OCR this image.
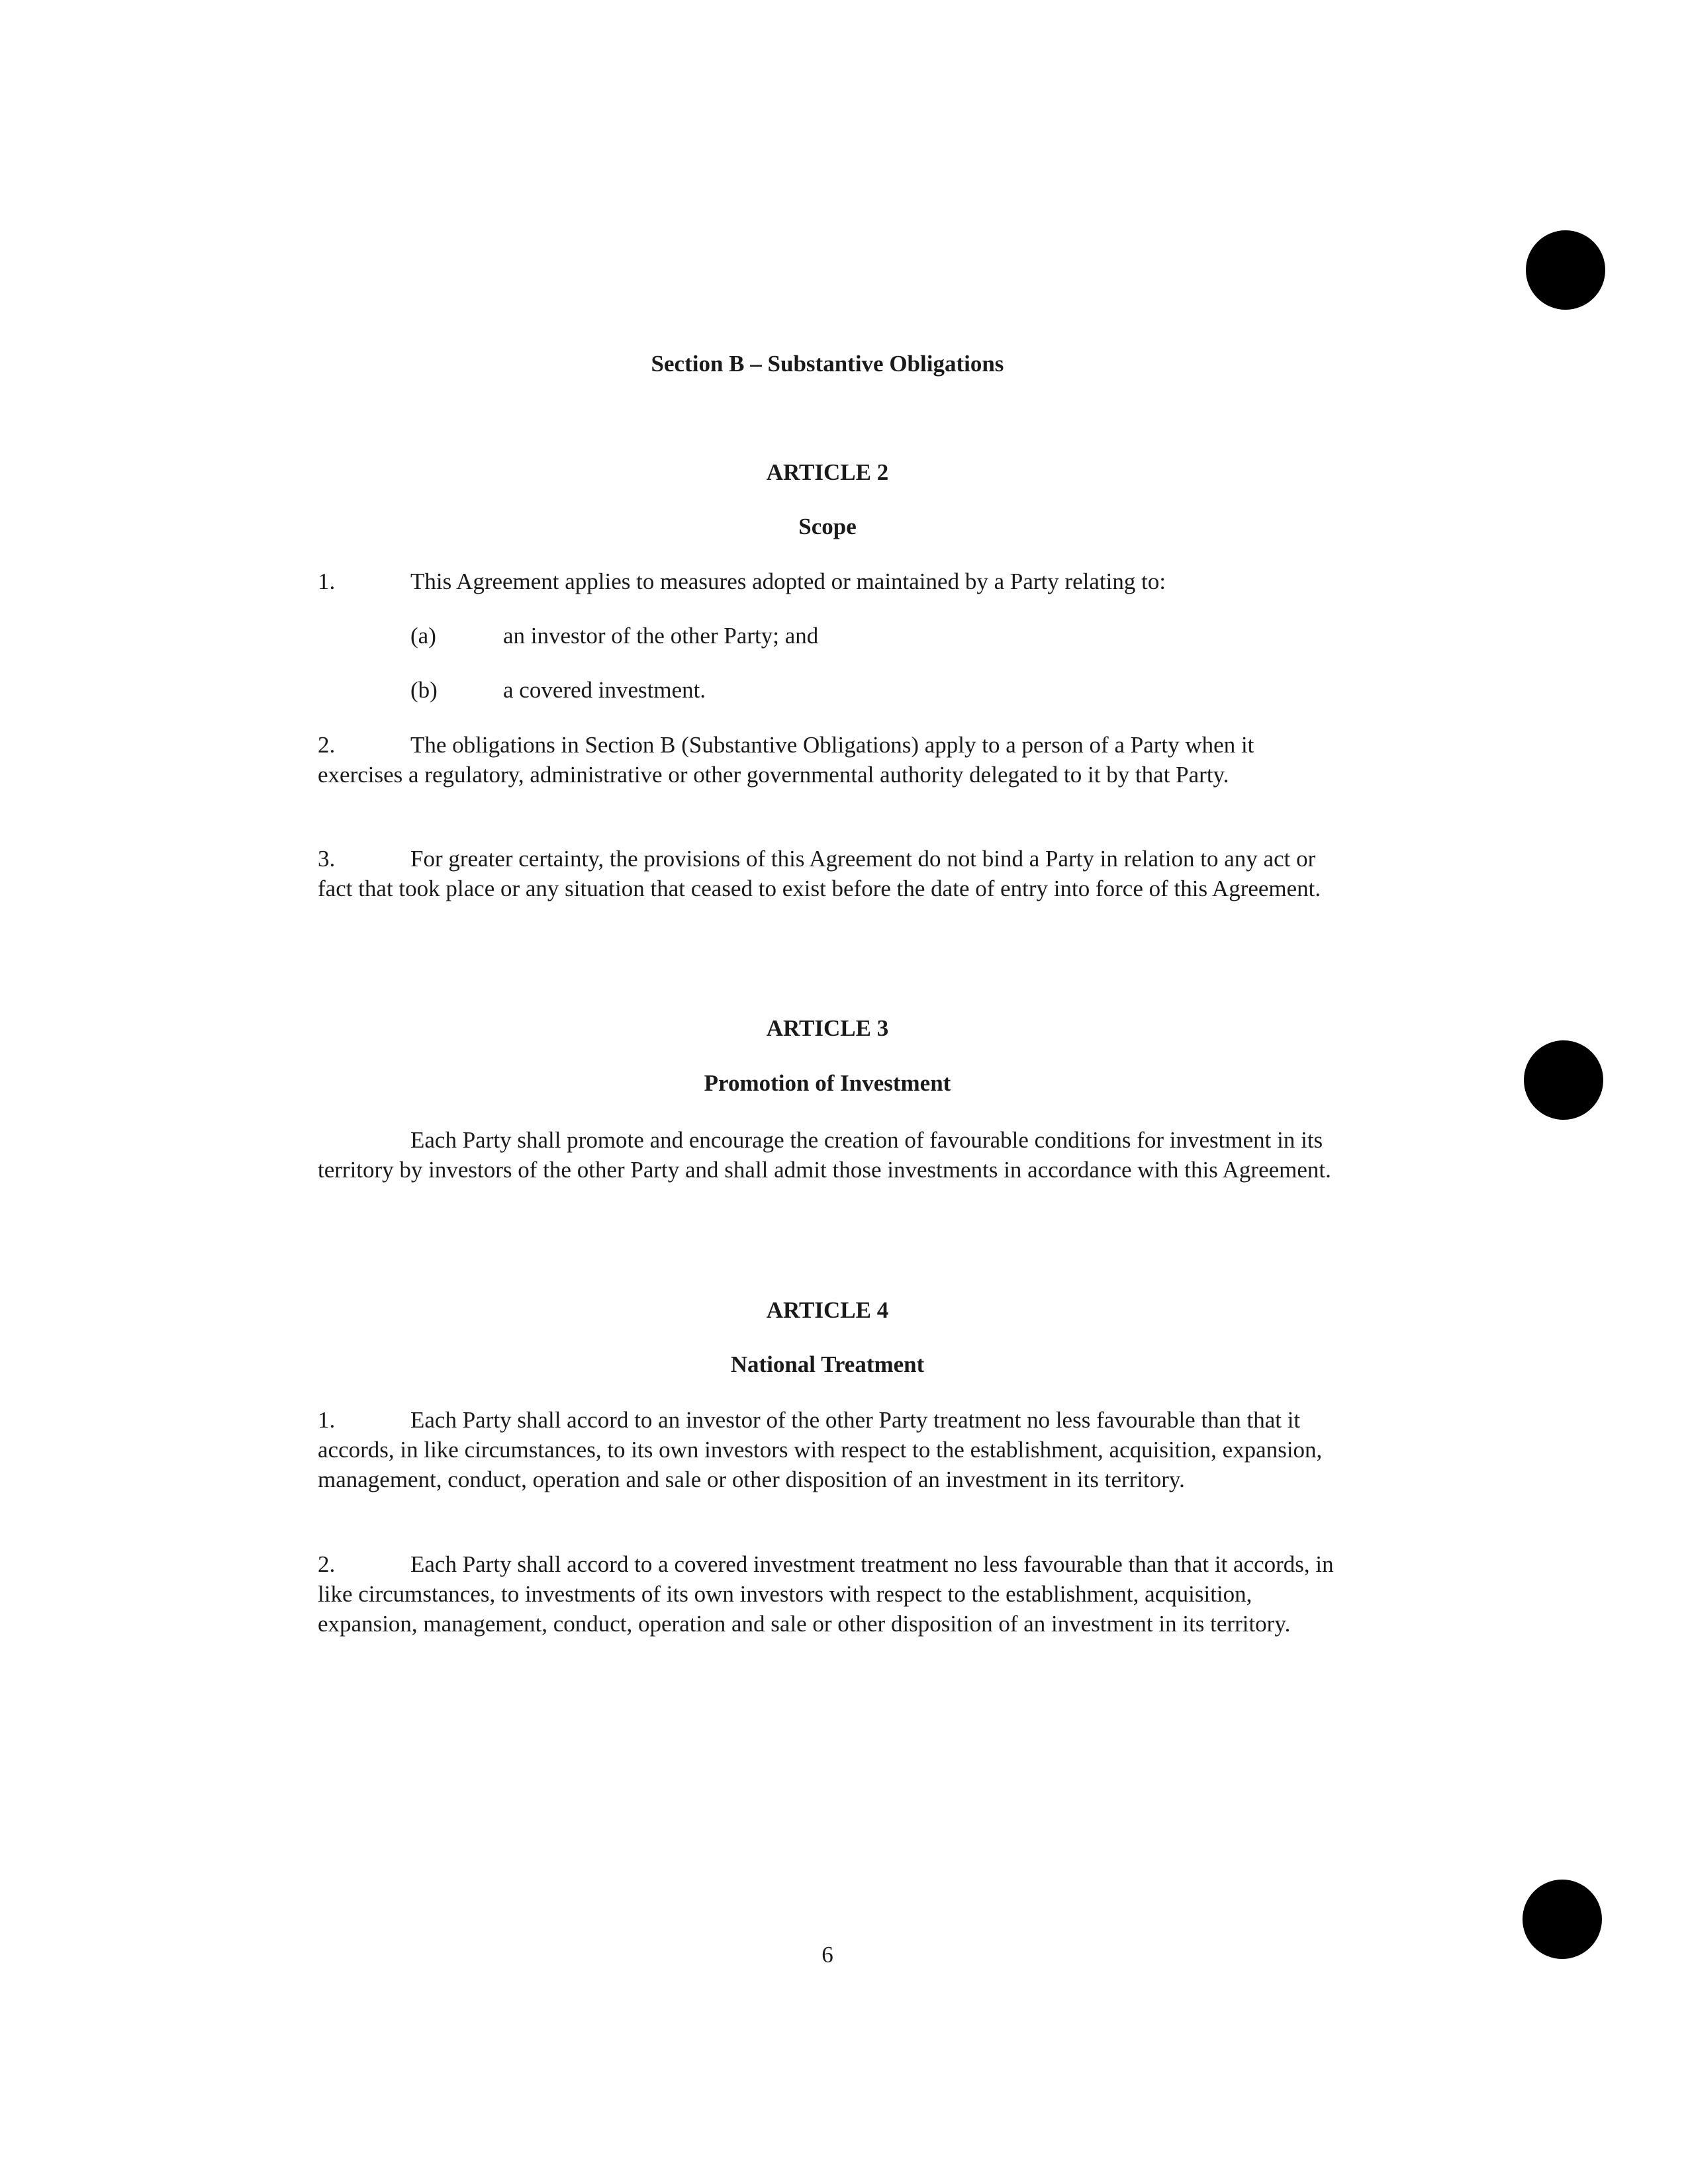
Section B – Substantive Obligations
ARTICLE 2
Scope
1.	This Agreement applies to measures adopted or maintained by a Party relating to:
(a)	an investor of the other Party; and
(b)	a covered investment.
2.	The obligations in Section B (Substantive Obligations) apply to a person of a Party when it exercises a regulatory, administrative or other governmental authority delegated to it by that Party.
3.	For greater certainty, the provisions of this Agreement do not bind a Party in relation to any act or fact that took place or any situation that ceased to exist before the date of entry into force of this Agreement.
ARTICLE 3
Promotion of Investment
Each Party shall promote and encourage the creation of favourable conditions for investment in its territory by investors of the other Party and shall admit those investments in accordance with this Agreement.
ARTICLE 4
National Treatment
1.	Each Party shall accord to an investor of the other Party treatment no less favourable than that it accords, in like circumstances, to its own investors with respect to the establishment, acquisition, expansion, management, conduct, operation and sale or other disposition of an investment in its territory.
2.	Each Party shall accord to a covered investment treatment no less favourable than that it accords, in like circumstances, to investments of its own investors with respect to the establishment, acquisition, expansion, management, conduct, operation and sale or other disposition of an investment in its territory.
6
